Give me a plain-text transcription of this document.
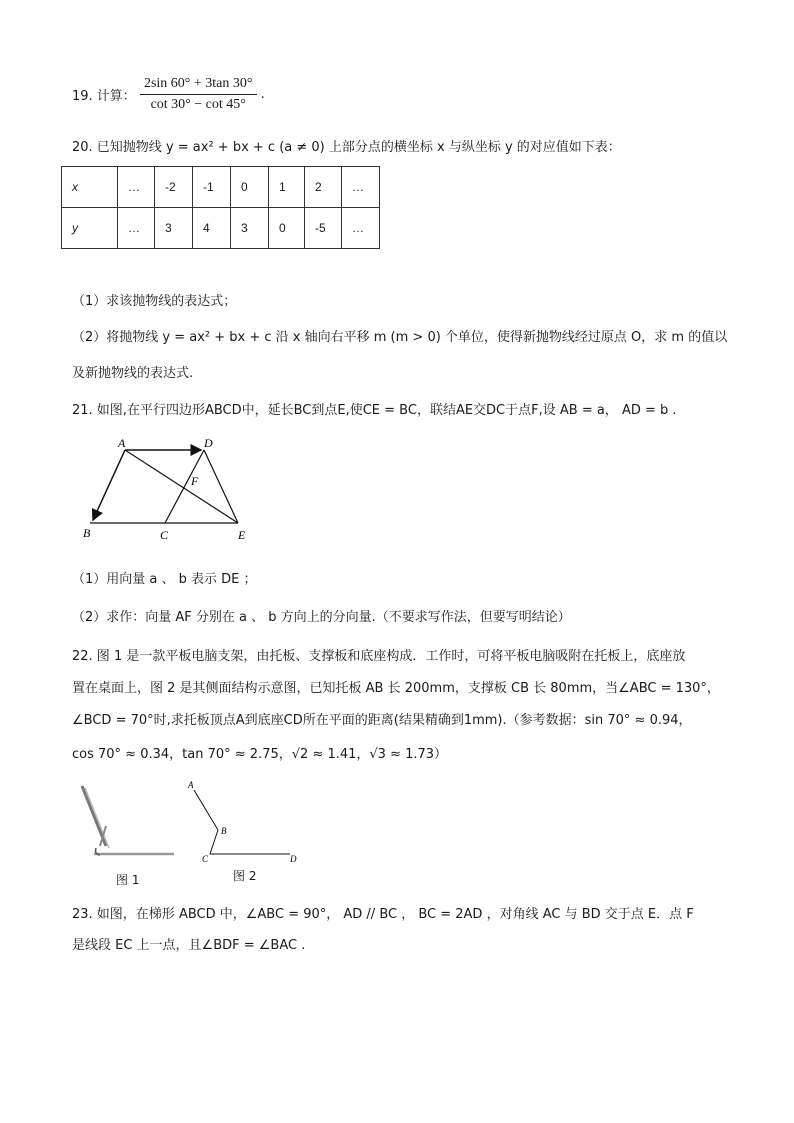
19. 计算： $\frac{2\sin 60^\circ + 3\tan 30^\circ}{\cot 30^\circ - \cot 45^\circ}$ .
20. 已知抛物线 y = ax² + bx + c (a ≠ 0) 上部分点的横坐标 x 与纵坐标 y 的对应值如下表：
x	…	-2	-1	0	1	2	…
y	…	3	4	3	0	-5	…
（1）求该抛物线的表达式；
（2）将抛物线 y = ax² + bx + c 沿 x 轴向右平移 m (m > 0) 个单位，使得新抛物线经过原点 O，求 m 的值以
及新抛物线的表达式.
21. 如图,在平行四边形ABCD中，延长BC到点E,使CE = BC，联结AE交DC于点F,设 AB = a， AD = b .
A	D
F
B	C	E
（1）用向量 a 、 b 表示 DE ；
（2）求作：向量 AF 分别在 a 、 b 方向上的分向量.（不要求写作法，但要写明结论）
22. 图 1 是一款平板电脑支架，由托板、支撑板和底座构成．工作时，可将平板电脑吸附在托板上，底座放
置在桌面上，图 2 是其侧面结构示意图，已知托板 AB 长 200mm，支撑板 CB 长 80mm，当∠ABC = 130°，
∠BCD = 70°时,求托板顶点A到底座CD所在平面的距离(结果精确到1mm).（参考数据：sin 70° ≈ 0.94，
cos 70° ≈ 0.34，tan 70° ≈ 2.75，√2 ≈ 1.41，√3 ≈ 1.73）
图 1
A
B
C	D
图 2
23. 如图，在梯形 ABCD 中，∠ABC = 90°， AD // BC ， BC = 2AD ，对角线 AC 与 BD 交于点 E．点 F
是线段 EC 上一点，且∠BDF = ∠BAC .
